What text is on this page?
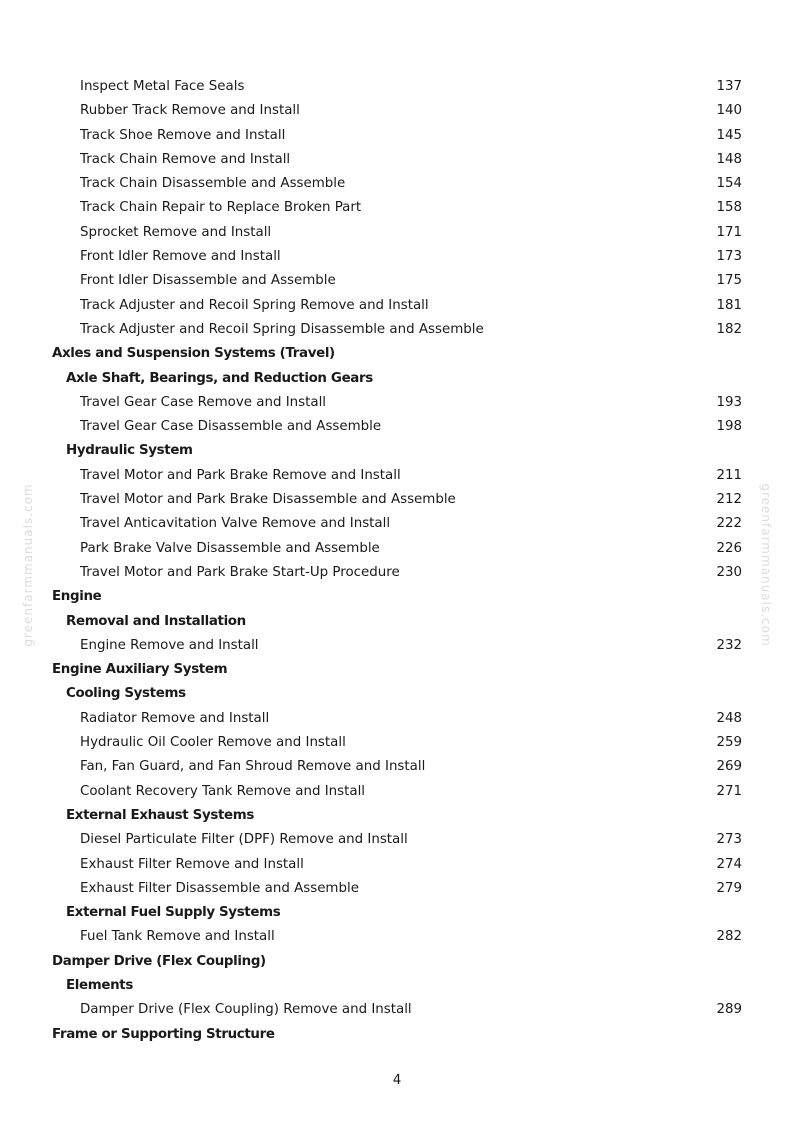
greenfarmmanuals.com	greenfarmmanuals.com
Inspect Metal Face Seals	137
Rubber Track Remove and Install	140
Track Shoe Remove and Install	145
Track Chain Remove and Install	148
Track Chain Disassemble and Assemble	154
Track Chain Repair to Replace Broken Part	158
Sprocket Remove and Install	171
Front Idler Remove and Install	173
Front Idler Disassemble and Assemble	175
Track Adjuster and Recoil Spring Remove and Install	181
Track Adjuster and Recoil Spring Disassemble and Assemble	182
Axles and Suspension Systems (Travel)
Axle Shaft, Bearings, and Reduction Gears
Travel Gear Case Remove and Install	193
Travel Gear Case Disassemble and Assemble	198
Hydraulic System
Travel Motor and Park Brake Remove and Install	211
Travel Motor and Park Brake Disassemble and Assemble	212
Travel Anticavitation Valve Remove and Install	222
Park Brake Valve Disassemble and Assemble	226
Travel Motor and Park Brake Start-Up Procedure	230
Engine
Removal and Installation
Engine Remove and Install	232
Engine Auxiliary System
Cooling Systems
Radiator Remove and Install	248
Hydraulic Oil Cooler Remove and Install	259
Fan, Fan Guard, and Fan Shroud Remove and Install	269
Coolant Recovery Tank Remove and Install	271
External Exhaust Systems
Diesel Particulate Filter (DPF) Remove and Install	273
Exhaust Filter Remove and Install	274
Exhaust Filter Disassemble and Assemble	279
External Fuel Supply Systems
Fuel Tank Remove and Install	282
Damper Drive (Flex Coupling)
Elements
Damper Drive (Flex Coupling) Remove and Install	289
Frame or Supporting Structure
4
